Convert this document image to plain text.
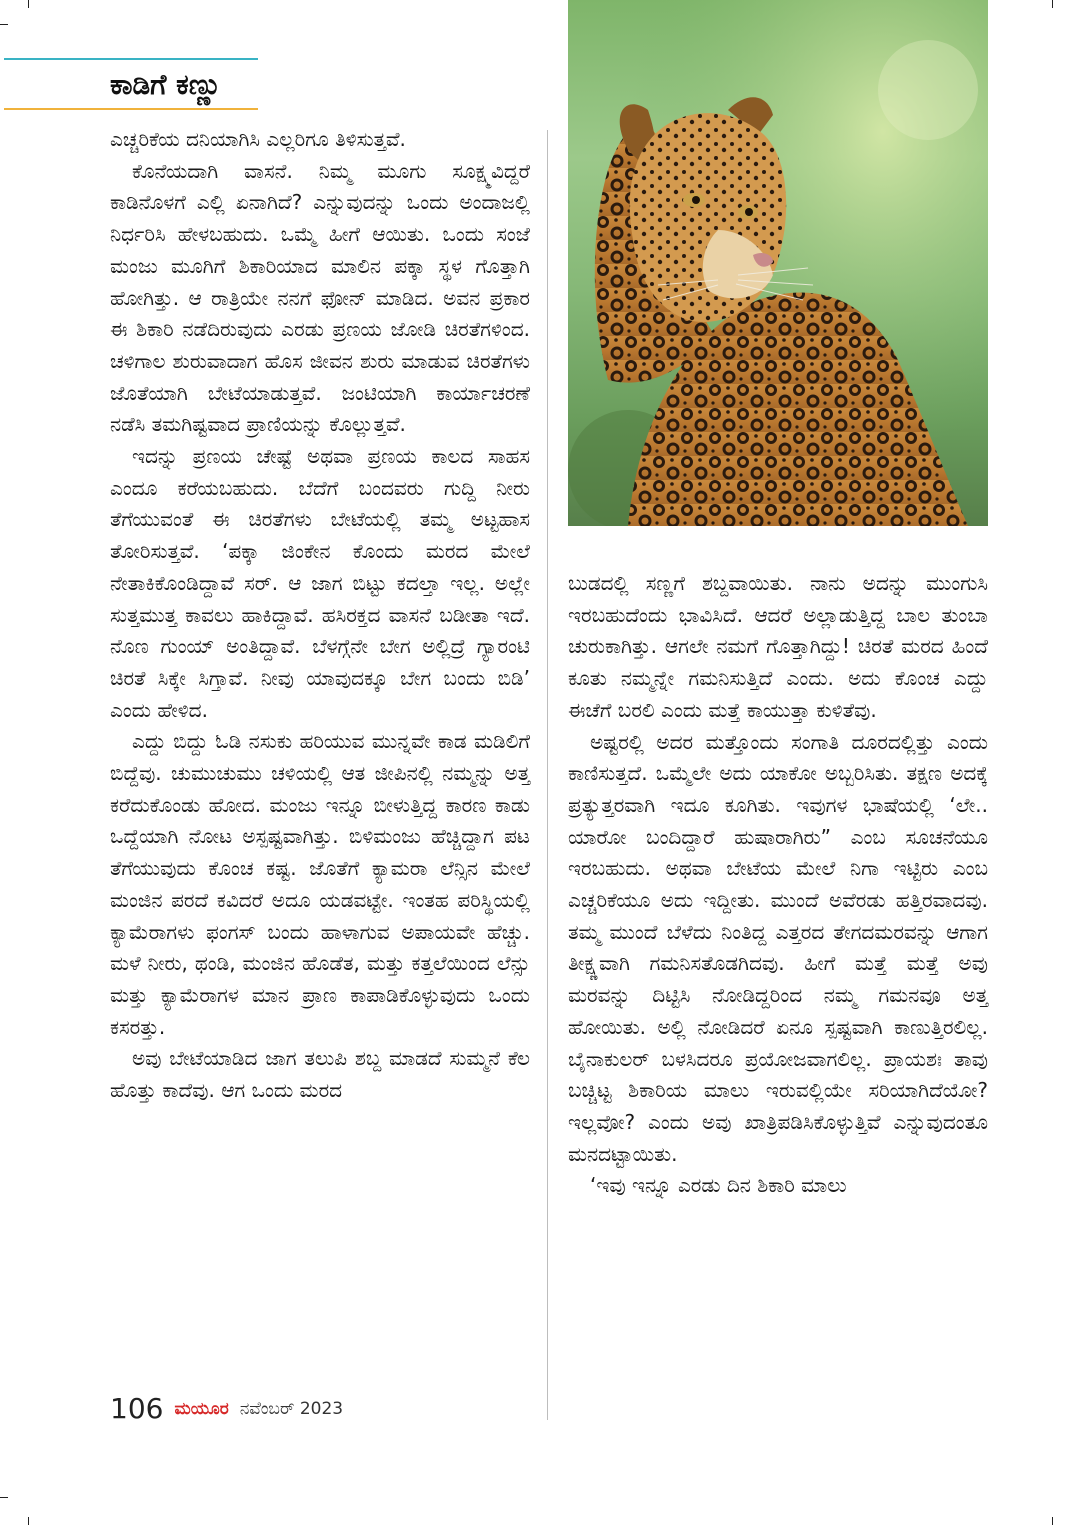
ಕಾಡಿಗೆ ಕಣ್ಣು

ಎಚ್ಚರಿಕೆಯ ದನಿಯಾಗಿಸಿ ಎಲ್ಲರಿಗೂ ತಿಳಿಸುತ್ತವೆ.

ಕೊನೆಯದಾಗಿ ವಾಸನೆ. ನಿಮ್ಮ ಮೂಗು ಸೂಕ್ಷ್ಮವಿದ್ದರೆ ಕಾಡಿನೊಳಗೆ ಎಲ್ಲಿ ಏನಾಗಿದೆ? ಎನ್ನುವುದನ್ನು ಒಂದು ಅಂದಾಜಲ್ಲಿ ನಿರ್ಧರಿಸಿ ಹೇಳಬಹುದು. ಒಮ್ಮೆ ಹೀಗೆ ಆಯಿತು. ಒಂದು ಸಂಜೆ ಮಂಜು ಮೂಗಿಗೆ ಶಿಕಾರಿಯಾದ ಮಾಲಿನ ಪಕ್ಕಾ ಸ್ಥಳ ಗೊತ್ತಾಗಿ ಹೋಗಿತ್ತು. ಆ ರಾತ್ರಿಯೇ ನನಗೆ ಫೋನ್ ಮಾಡಿದ. ಅವನ ಪ್ರಕಾರ ಈ ಶಿಕಾರಿ ನಡೆದಿರುವುದು ಎರಡು ಪ್ರಣಯ ಜೋಡಿ ಚಿರತೆಗಳಿಂದ. ಚಳಿಗಾಲ ಶುರುವಾದಾಗ ಹೊಸ ಜೀವನ ಶುರು ಮಾಡುವ ಚಿರತೆಗಳು ಜೊತೆಯಾಗಿ ಬೇಟೆಯಾಡುತ್ತವೆ. ಜಂಟಿಯಾಗಿ ಕಾರ್ಯಾಚರಣೆ ನಡೆಸಿ ತಮಗಿಷ್ಟವಾದ ಪ್ರಾಣಿಯನ್ನು ಕೊಲ್ಲುತ್ತವೆ.

ಇದನ್ನು ಪ್ರಣಯ ಚೇಷ್ಟೆ ಅಥವಾ ಪ್ರಣಯ ಕಾಲದ ಸಾಹಸ ಎಂದೂ ಕರೆಯಬಹುದು. ಬೆದೆಗೆ ಬಂದವರು ಗುದ್ದಿ ನೀರು ತೆಗೆಯುವಂತೆ ಈ ಚಿರತೆಗಳು ಬೇಟೆಯಲ್ಲಿ ತಮ್ಮ ಅಟ್ಟಹಾಸ ತೋರಿಸುತ್ತವೆ. ‘ಪಕ್ಕಾ ಜಿಂಕೇನ ಕೊಂದು ಮರದ ಮೇಲೆ ನೇತಾಕಿಕೊಂಡಿದ್ದಾವೆ ಸರ್. ಆ ಜಾಗ ಬಿಟ್ಟು ಕದಲ್ತಾ ಇಲ್ಲ. ಅಲ್ಲೇ ಸುತ್ತಮುತ್ತ ಕಾವಲು ಹಾಕಿದ್ದಾವೆ. ಹಸಿರಕ್ತದ ವಾಸನೆ ಬಡೀತಾ ಇದೆ. ನೊಣ ಗುಂಯ್ ಅಂತಿದ್ದಾವೆ. ಬೆಳಗ್ಗೆನೇ ಬೇಗ ಅಲ್ಲಿದ್ರೆ ಗ್ಯಾರಂಟಿ ಚಿರತೆ ಸಿಕ್ಕೇ ಸಿಗ್ತಾವೆ. ನೀವು ಯಾವುದಕ್ಕೂ ಬೇಗ ಬಂದು ಬಿಡಿ’ ಎಂದು ಹೇಳಿದ.

ಎದ್ದು ಬಿದ್ದು ಓಡಿ ನಸುಕು ಹರಿಯುವ ಮುನ್ನವೇ ಕಾಡ ಮಡಿಲಿಗೆ ಬಿದ್ದೆವು. ಚುಮುಚುಮು ಚಳಿಯಲ್ಲಿ ಆತ ಜೀಪಿನಲ್ಲಿ ನಮ್ಮನ್ನು ಅತ್ತ ಕರೆದುಕೊಂಡು ಹೋದ. ಮಂಜು ಇನ್ನೂ ಬೀಳುತ್ತಿದ್ದ ಕಾರಣ ಕಾಡು ಒದ್ದೆಯಾಗಿ ನೋಟ ಅಸ್ಪಷ್ಟವಾಗಿತ್ತು. ಬಿಳಿಮಂಜು ಹೆಚ್ಚಿದ್ದಾಗ ಪಟ ತೆಗೆಯುವುದು ಕೊಂಚ ಕಷ್ಟ. ಜೊತೆಗೆ ಕ್ಯಾಮರಾ ಲೆನ್ಸಿನ ಮೇಲೆ ಮಂಜಿನ ಪರದೆ ಕವಿದರೆ ಅದೂ ಯಡವಟ್ಟೇ. ಇಂತಹ ಪರಿಸ್ಥಿಯಲ್ಲಿ ಕ್ಯಾಮೆರಾಗಳು ಫಂಗಸ್ ಬಂದು ಹಾಳಾಗುವ ಅಪಾಯವೇ ಹೆಚ್ಚು. ಮಳೆ ನೀರು, ಥಂಡಿ, ಮಂಜಿನ ಹೊಡೆತ, ಮತ್ತು ಕತ್ತಲೆಯಿಂದ ಲೆನ್ಸು ಮತ್ತು ಕ್ಯಾಮೆರಾಗಳ ಮಾನ ಪ್ರಾಣ ಕಾಪಾಡಿಕೊಳ್ಳುವುದು ಒಂದು ಕಸರತ್ತು.

ಅವು ಬೇಟೆಯಾಡಿದ ಜಾಗ ತಲುಪಿ ಶಬ್ದ ಮಾಡದೆ ಸುಮ್ಮನೆ ಕೆಲ ಹೊತ್ತು ಕಾದೆವು. ಆಗ ಒಂದು ಮರದ

ಬುಡದಲ್ಲಿ ಸಣ್ಣಗೆ ಶಬ್ದವಾಯಿತು. ನಾನು ಅದನ್ನು ಮುಂಗುಸಿ ಇರಬಹುದೆಂದು ಭಾವಿಸಿದೆ. ಆದರೆ ಅಲ್ಲಾಡುತ್ತಿದ್ದ ಬಾಲ ತುಂಬಾ ಚುರುಕಾಗಿತ್ತು. ಆಗಲೇ ನಮಗೆ ಗೊತ್ತಾಗಿದ್ದು! ಚಿರತೆ ಮರದ ಹಿಂದೆ ಕೂತು ನಮ್ಮನ್ನೇ ಗಮನಿಸುತ್ತಿದೆ ಎಂದು. ಅದು ಕೊಂಚ ಎದ್ದು ಈಚೆಗೆ ಬರಲಿ ಎಂದು ಮತ್ತೆ ಕಾಯುತ್ತಾ ಕುಳಿತೆವು.

ಅಷ್ಟರಲ್ಲಿ ಅದರ ಮತ್ತೊಂದು ಸಂಗಾತಿ ದೂರದಲ್ಲಿತ್ತು ಎಂದು ಕಾಣಿಸುತ್ತದೆ. ಒಮ್ಮೆಲೇ ಅದು ಯಾಕೋ ಅಬ್ಬರಿಸಿತು. ತಕ್ಷಣ ಅದಕ್ಕೆ ಪ್ರತ್ಯುತ್ತರವಾಗಿ ಇದೂ ಕೂಗಿತು. ಇವುಗಳ ಭಾಷೆಯಲ್ಲಿ ‘ಲೇ.. ಯಾರೋ ಬಂದಿದ್ದಾರೆ ಹುಷಾರಾಗಿರು” ಎಂಬ ಸೂಚನೆಯೂ ಇರಬಹುದು. ಅಥವಾ ಬೇಟೆಯ ಮೇಲೆ ನಿಗಾ ಇಟ್ಟಿರು ಎಂಬ ಎಚ್ಚರಿಕೆಯೂ ಅದು ಇದ್ದೀತು. ಮುಂದೆ ಅವೆರಡು ಹತ್ತಿರವಾದವು. ತಮ್ಮ ಮುಂದೆ ಬೆಳೆದು ನಿಂತಿದ್ದ ಎತ್ತರದ ತೇಗದಮರವನ್ನು ಆಗಾಗ ತೀಕ್ಷ್ಣವಾಗಿ ಗಮನಿಸತೊಡಗಿದವು. ಹೀಗೆ ಮತ್ತೆ ಮತ್ತೆ ಅವು ಮರವನ್ನು ದಿಟ್ಟಿಸಿ ನೋಡಿದ್ದರಿಂದ ನಮ್ಮ ಗಮನವೂ ಅತ್ತ ಹೋಯಿತು. ಅಲ್ಲಿ ನೋಡಿದರೆ ಏನೂ ಸ್ಪಷ್ಟವಾಗಿ ಕಾಣುತ್ತಿರಲಿಲ್ಲ. ಬೈನಾಕುಲರ್ ಬಳಸಿದರೂ ಪ್ರಯೋಜವಾಗಲಿಲ್ಲ. ಪ್ರಾಯಶಃ ತಾವು ಬಚ್ಚಿಟ್ಟ ಶಿಕಾರಿಯ ಮಾಲು ಇರುವಲ್ಲಿಯೇ ಸರಿಯಾಗಿದೆಯೋ? ಇಲ್ಲವೋ? ಎಂದು ಅವು ಖಾತ್ರಿಪಡಿಸಿಕೊಳ್ಳುತ್ತಿವೆ ಎನ್ನುವುದಂತೂ ಮನದಟ್ಟಾಯಿತು.

‘ಇವು ಇನ್ನೂ ಎರಡು ದಿನ ಶಿಕಾರಿ ಮಾಲು

106 ಮಯೂರ ನವೆಂಬರ್ 2023
